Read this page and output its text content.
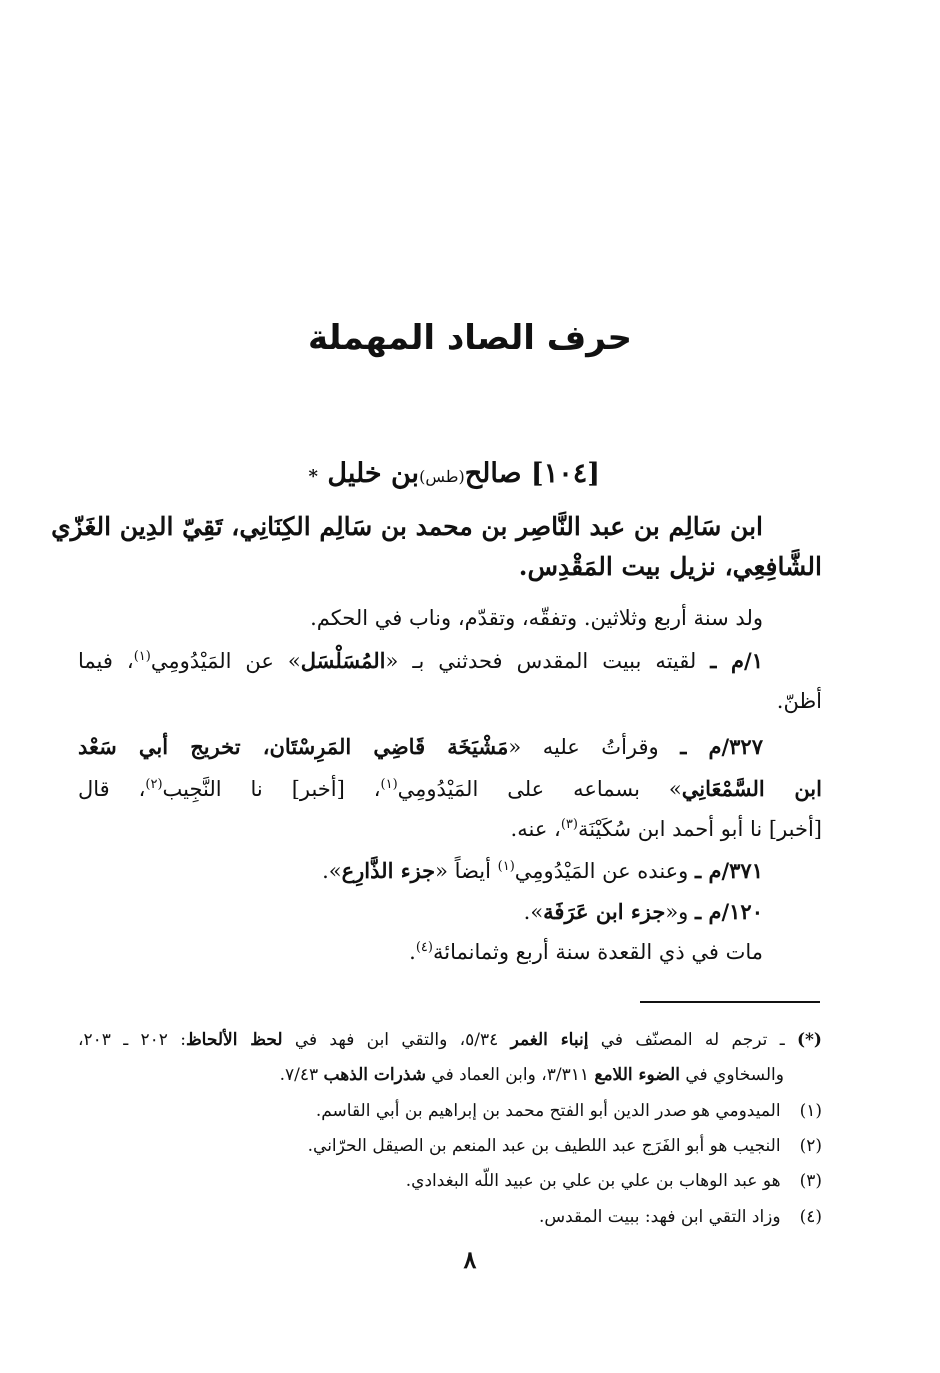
حرف الصاد المهملة
[١٠٤] صالح(طس)بن خليل *
ابن سَالِم بن عبد النَّاصِر بن محمد بن سَالِم الكِنَانِي، تَقِيّ الدِين الغَزّي
الشَّافِعِي، نزيل بيت المَقْدِس.
ولد سنة أربع وثلاثين. وتفقّه، وتقدّم، وناب في الحكم.
١/م ـ لقيته ببيت المقدس فحدثني بـ «المُسَلْسَل» عن المَيْدُومِي$^{(١)}$، فيما
أظنّ.
٣٢٧/م ـ وقرأتُ عليه «مَشْيَخَة قَاضِي المَرِسْتَان، تخريج أبي سَعْد
ابن السَّمْعَانِي» بسماعه على المَيْدُومِي$^{(١)}$، [أخبر] نا النَّجِيب$^{(٢)}$، قال
[أخبر] نا أبو أحمد ابن سُكَيْنَة$^{(٣)}$، عنه.
٣٧١/م ـ وعنده عن المَيْدُومِي$^{(١)}$ أيضاً «جزء الذَّارِع».
١٢٠/م ـ و«جزء ابن عَرَفَة».
مات في ذي القعدة سنة أربع وثمانمائة$^{(٤)}$.
(*) ـ ترجم له المصنّف في إنباء الغمر ٥/٣٤، والتقي ابن فهد في لحظ الألحاظ: ٢٠٢ ـ ٢٠٣،
والسخاوي في الضوء اللامع ٣/٣١١، وابن العماد في شذرات الذهب ٧/٤٣.
(١) الميدومي هو صدر الدين أبو الفتح محمد بن إبراهيم بن أبي القاسم.
(٢) النجيب هو أبو الفَرَج عبد اللطيف بن عبد المنعم بن الصيقل الحرّاني.
(٣) هو عبد الوهاب بن علي بن علي بن عبيد اللّه البغدادي.
(٤) وزاد التقي ابن فهد: ببيت المقدس.
٨
